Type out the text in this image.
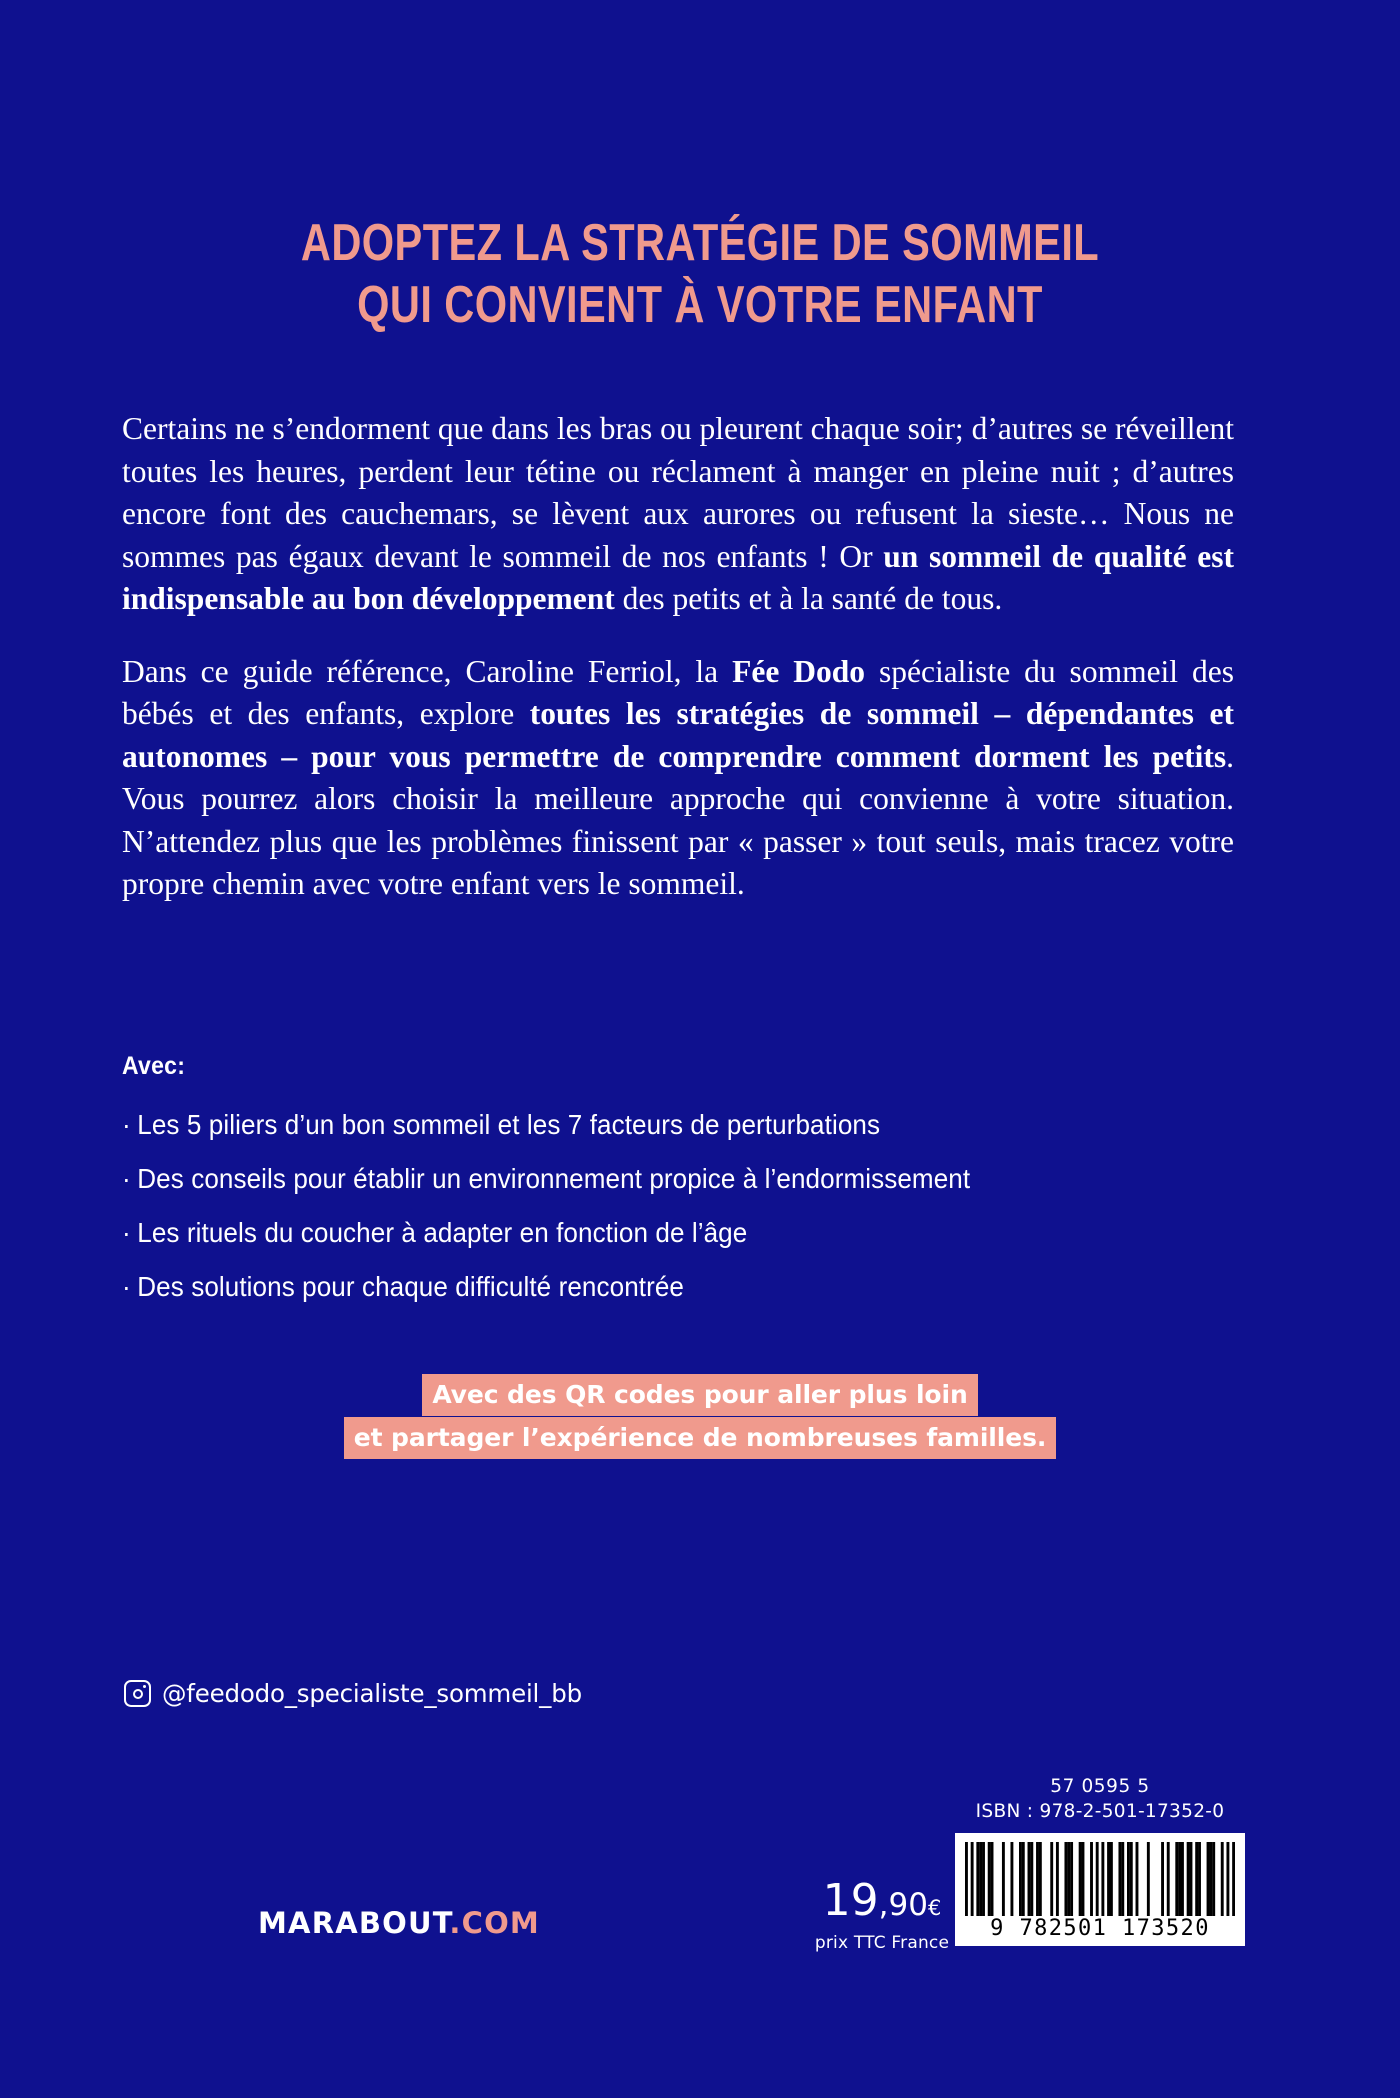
ADOPTEZ LA STRATÉGIE DE SOMMEIL
QUI CONVIENT À VOTRE ENFANT

Certains ne s’endorment que dans les bras ou pleurent chaque soir; d’autres se réveillent toutes les heures, perdent leur tétine ou réclament à manger en pleine nuit ; d’autres encore font des cauchemars, se lèvent aux aurores ou refusent la sieste… Nous ne sommes pas égaux devant le sommeil de nos enfants ! Or un sommeil de qualité est indispensable au bon développement des petits et à la santé de tous.

Dans ce guide référence, Caroline Ferriol, la Fée Dodo spécialiste du sommeil des bébés et des enfants, explore toutes les stratégies de sommeil – dépendantes et autonomes – pour vous permettre de comprendre comment dorment les petits. Vous pourrez alors choisir la meilleure approche qui convienne à votre situation. N’attendez plus que les problèmes finissent par « passer » tout seuls, mais tracez votre propre chemin avec votre enfant vers le sommeil.

Avec:
· Les 5 piliers d’un bon sommeil et les 7 facteurs de perturbations
· Des conseils pour établir un environnement propice à l’endormissement
· Les rituels du coucher à adapter en fonction de l’âge
· Des solutions pour chaque difficulté rencontrée
Avec des QR codes pour aller plus loin
et partager l’expérience de nombreuses familles.
@feedodo_specialiste_sommeil_bb
MARABOUT.COM	19,90€
prix TTC France
57 0595 5
ISBN : 978-2-501-17352-0
9 782501 173520
